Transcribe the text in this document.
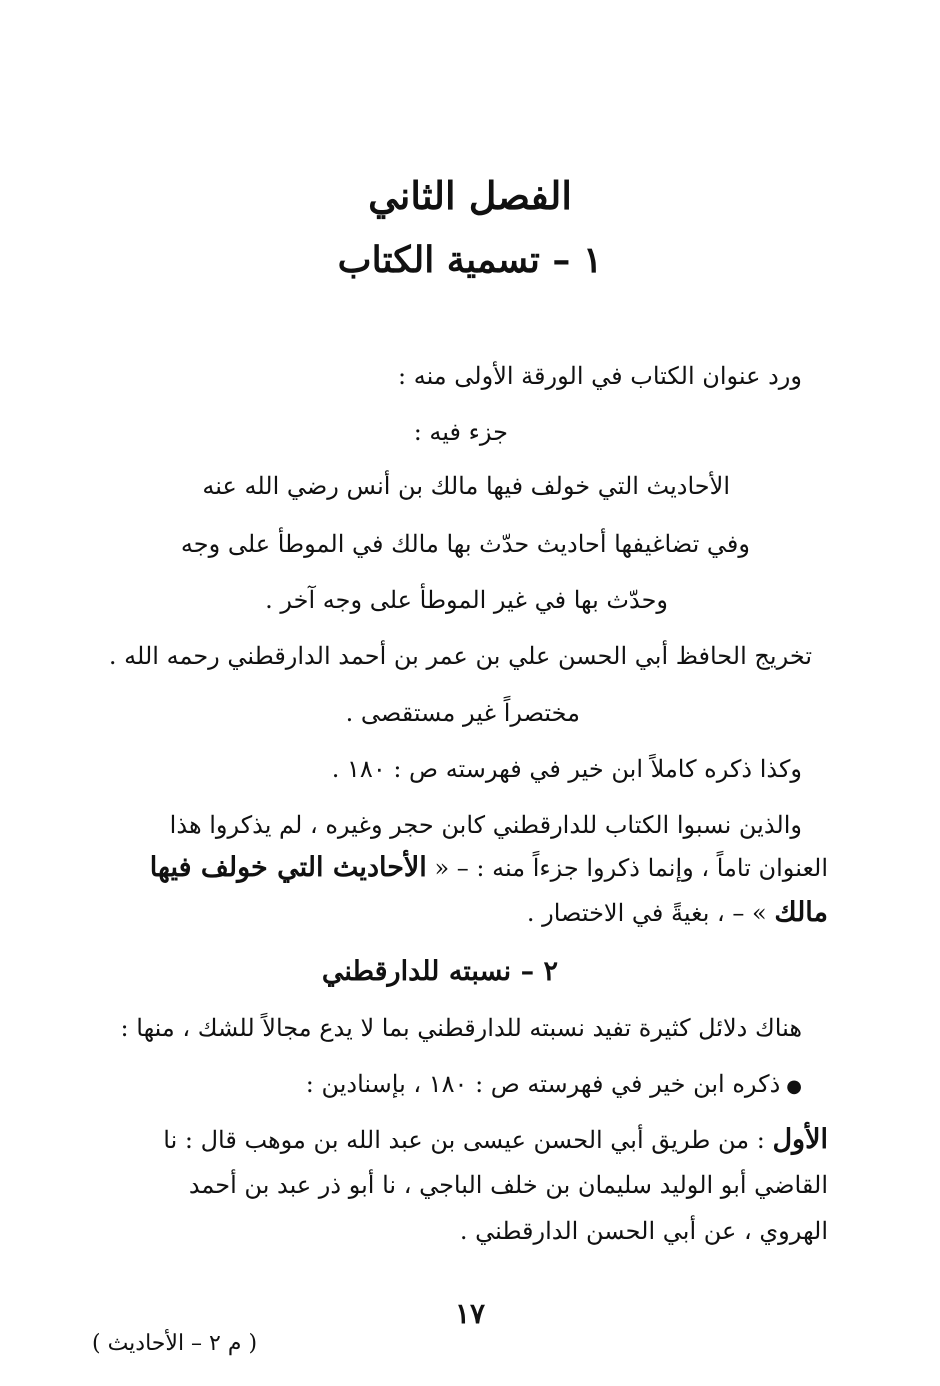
الفصل الثاني
١ – تسمية الكتاب
ورد عنوان الكتاب في الورقة الأولى منه :
جزء فيه :
الأحاديث التي خولف فيها مالك بن أنس رضي الله عنه
وفي تضاغيفها أحاديث حدّث بها مالك في الموطأ على وجه
وحدّث بها في غير الموطأ على وجه آخر .
تخريج الحافظ أبي الحسن علي بن عمر بن أحمد الدارقطني رحمه الله .
مختصراً غير مستقصى .
وكذا ذكره كاملاً ابن خير في فهرسته ص : ١٨٠ .
والذين نسبوا الكتاب للدارقطني كابن حجر وغيره ، لم يذكروا هذا
العنوان تاماً ، وإنما ذكروا جزءاً منه : – « الأحاديث التي خولف فيها
مالك » – ، بغيةً في الاختصار .
٢ – نسبته للدارقطني
هناك دلائل كثيرة تفيد نسبته للدارقطني بما لا يدع مجالاً للشك ، منها :
●ذكره ابن خير في فهرسته ص : ١٨٠ ، بإسنادين :
الأول : من طريق أبي الحسن عيسى بن عبد الله بن موهب قال : نا
القاضي أبو الوليد سليمان بن خلف الباجي ، نا أبو ذر عبد بن أحمد
الهروي ، عن أبي الحسن الدارقطني .
١٧
( م ٢ – الأحاديث )
